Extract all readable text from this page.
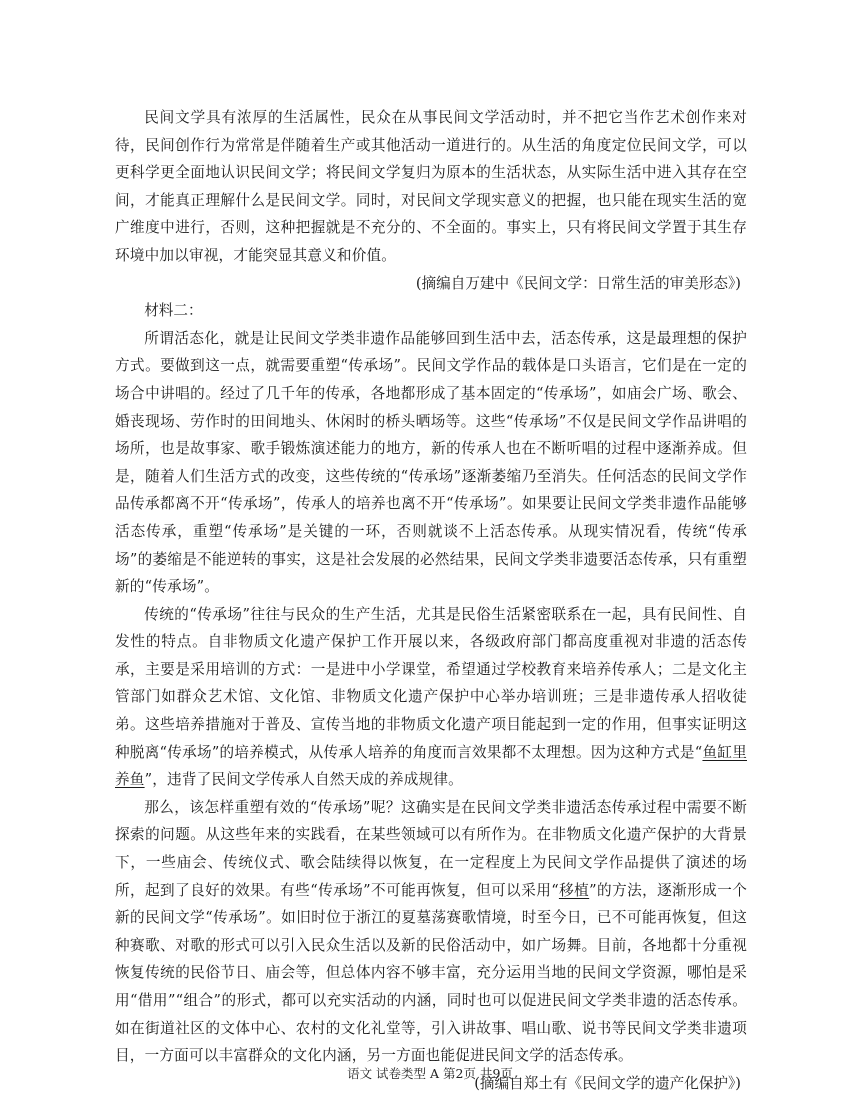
民间文学具有浓厚的生活属性，民众在从事民间文学活动时，并不把它当作艺术创作来对待，民间创作行为常常是伴随着生产或其他活动一道进行的。从生活的角度定位民间文学，可以更科学更全面地认识民间文学；将民间文学复归为原本的生活状态，从实际生活中进入其存在空间，才能真正理解什么是民间文学。同时，对民间文学现实意义的把握，也只能在现实生活的宽广维度中进行，否则，这种把握就是不充分的、不全面的。事实上，只有将民间文学置于其生存环境中加以审视，才能突显其意义和价值。

(摘编自万建中《民间文学：日常生活的审美形态》)

材料二：

所谓活态化，就是让民间文学类非遗作品能够回到生活中去，活态传承，这是最理想的保护方式。要做到这一点，就需要重塑“传承场”。民间文学作品的载体是口头语言，它们是在一定的场合中讲唱的。经过了几千年的传承，各地都形成了基本固定的“传承场”，如庙会广场、歌会、婚丧现场、劳作时的田间地头、休闲时的桥头晒场等。这些“传承场”不仅是民间文学作品讲唱的场所，也是故事家、歌手锻炼演述能力的地方，新的传承人也在不断听唱的过程中逐渐养成。但是，随着人们生活方式的改变，这些传统的“传承场”逐渐萎缩乃至消失。任何活态的民间文学作品传承都离不开“传承场”，传承人的培养也离不开“传承场”。如果要让民间文学类非遗作品能够活态传承，重塑“传承场”是关键的一环，否则就谈不上活态传承。从现实情况看，传统“传承场”的萎缩是不能逆转的事实，这是社会发展的必然结果，民间文学类非遗要活态传承，只有重塑新的“传承场”。

传统的“传承场”往往与民众的生产生活，尤其是民俗生活紧密联系在一起，具有民间性、自发性的特点。自非物质文化遗产保护工作开展以来，各级政府部门都高度重视对非遗的活态传承，主要是采用培训的方式：一是进中小学课堂，希望通过学校教育来培养传承人；二是文化主管部门如群众艺术馆、文化馆、非物质文化遗产保护中心举办培训班；三是非遗传承人招收徒弟。这些培养措施对于普及、宣传当地的非物质文化遗产项目能起到一定的作用，但事实证明这种脱离“传承场”的培养模式，从传承人培养的角度而言效果都不太理想。因为这种方式是“鱼缸里养鱼”，违背了民间文学传承人自然天成的养成规律。

那么，该怎样重塑有效的“传承场”呢？这确实是在民间文学类非遗活态传承过程中需要不断探索的问题。从这些年来的实践看，在某些领域可以有所作为。在非物质文化遗产保护的大背景下，一些庙会、传统仪式、歌会陆续得以恢复，在一定程度上为民间文学作品提供了演述的场所，起到了良好的效果。有些“传承场”不可能再恢复，但可以采用“移植”的方法，逐渐形成一个新的民间文学“传承场”。如旧时位于浙江的夏墓荡赛歌情境，时至今日，已不可能再恢复，但这种赛歌、对歌的形式可以引入民众生活以及新的民俗活动中，如广场舞。目前，各地都十分重视恢复传统的民俗节日、庙会等，但总体内容不够丰富，充分运用当地的民间文学资源，哪怕是采用“借用”“组合”的形式，都可以充实活动的内涵，同时也可以促进民间文学类非遗的活态传承。如在街道社区的文体中心、农村的文化礼堂等，引入讲故事、唱山歌、说书等民间文学类非遗项目，一方面可以丰富群众的文化内涵，另一方面也能促进民间文学的活态传承。

(摘编自郑土有《民间文学的遗产化保护》)

语文 试卷类型 A 第2页 共9页
